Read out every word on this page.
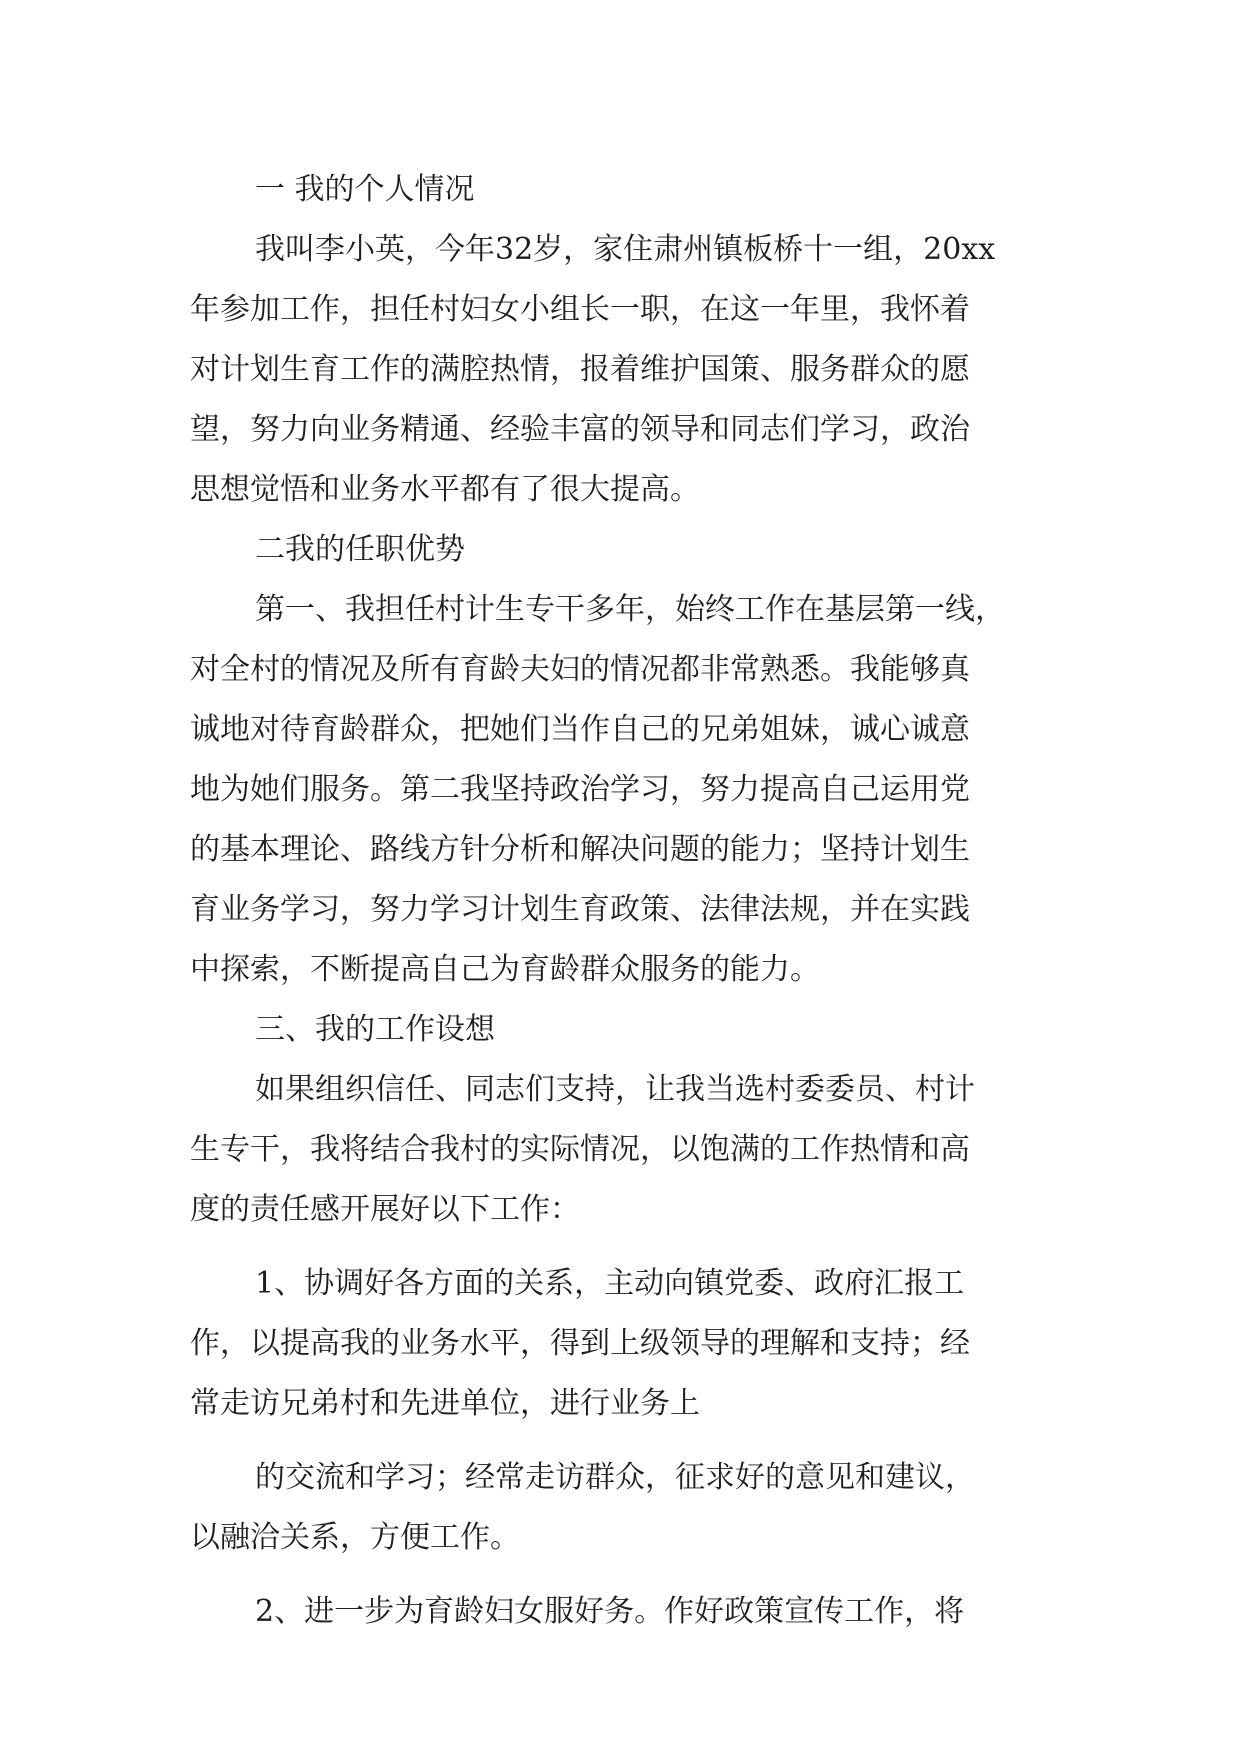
一 我的个人情况
我叫李小英，今年32岁，家住肃州镇板桥十一组，20xx
年参加工作，担任村妇女小组长一职，在这一年里，我怀着
对计划生育工作的满腔热情，报着维护国策、服务群众的愿
望，努力向业务精通、经验丰富的领导和同志们学习，政治
思想觉悟和业务水平都有了很大提高。
二我的任职优势
第一、我担任村计生专干多年，始终工作在基层第一线，
对全村的情况及所有育龄夫妇的情况都非常熟悉。我能够真
诚地对待育龄群众，把她们当作自己的兄弟姐妹，诚心诚意
地为她们服务。第二我坚持政治学习，努力提高自己运用党
的基本理论、路线方针分析和解决问题的能力；坚持计划生
育业务学习，努力学习计划生育政策、法律法规，并在实践
中探索，不断提高自己为育龄群众服务的能力。
三、我的工作设想
如果组织信任、同志们支持，让我当选村委委员、村计
生专干，我将结合我村的实际情况，以饱满的工作热情和高
度的责任感开展好以下工作：
1、协调好各方面的关系，主动向镇党委、政府汇报工
作，以提高我的业务水平，得到上级领导的理解和支持；经
常走访兄弟村和先进单位，进行业务上
的交流和学习；经常走访群众，征求好的意见和建议，
以融洽关系，方便工作。
2、进一步为育龄妇女服好务。作好政策宣传工作，将
